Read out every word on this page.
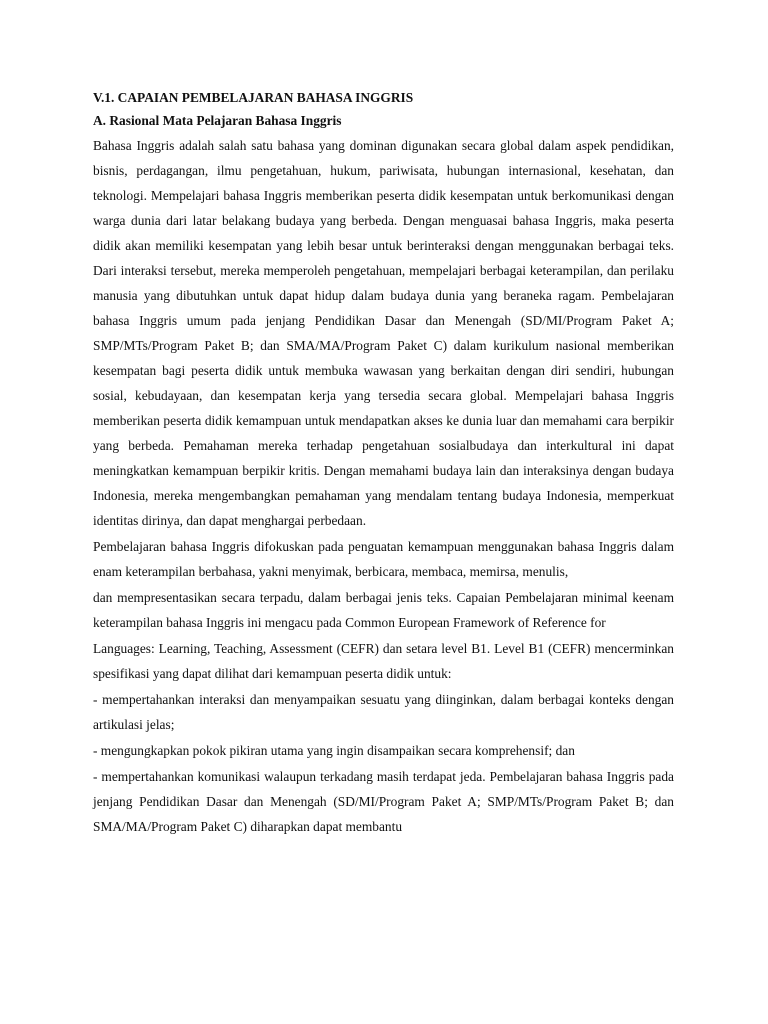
V.1. CAPAIAN PEMBELAJARAN BAHASA INGGRIS

A. Rasional Mata Pelajaran Bahasa Inggris

Bahasa Inggris adalah salah satu bahasa yang dominan digunakan secara global dalam aspek pendidikan, bisnis, perdagangan, ilmu pengetahuan, hukum, pariwisata, hubungan internasional, kesehatan, dan teknologi. Mempelajari bahasa Inggris memberikan peserta didik kesempatan untuk berkomunikasi dengan warga dunia dari latar belakang budaya yang berbeda. Dengan menguasai bahasa Inggris, maka peserta didik akan memiliki kesempatan yang lebih besar untuk berinteraksi dengan menggunakan berbagai teks. Dari interaksi tersebut, mereka memperoleh pengetahuan, mempelajari berbagai keterampilan, dan perilaku manusia yang dibutuhkan untuk dapat hidup dalam budaya dunia yang beraneka ragam. Pembelajaran bahasa Inggris umum pada jenjang Pendidikan Dasar dan Menengah (SD/MI/Program Paket A; SMP/MTs/Program Paket B; dan SMA/MA/Program Paket C) dalam kurikulum nasional memberikan kesempatan bagi peserta didik untuk membuka wawasan yang berkaitan dengan diri sendiri, hubungan sosial, kebudayaan, dan kesempatan kerja yang tersedia secara global. Mempelajari bahasa Inggris memberikan peserta didik kemampuan untuk mendapatkan akses ke dunia luar dan memahami cara berpikir yang berbeda. Pemahaman mereka terhadap pengetahuan sosialbudaya dan interkultural ini dapat meningkatkan kemampuan berpikir kritis. Dengan memahami budaya lain dan interaksinya dengan budaya Indonesia, mereka mengembangkan pemahaman yang mendalam tentang budaya Indonesia, memperkuat identitas dirinya, dan dapat menghargai perbedaan.

Pembelajaran bahasa Inggris difokuskan pada penguatan kemampuan menggunakan bahasa Inggris dalam enam keterampilan berbahasa, yakni menyimak, berbicara, membaca, memirsa, menulis,

dan mempresentasikan secara terpadu, dalam berbagai jenis teks. Capaian Pembelajaran minimal keenam keterampilan bahasa Inggris ini mengacu pada Common European Framework of Reference for

Languages: Learning, Teaching, Assessment (CEFR) dan setara level B1. Level B1 (CEFR) mencerminkan spesifikasi yang dapat dilihat dari kemampuan peserta didik untuk:

- mempertahankan interaksi dan menyampaikan sesuatu yang diinginkan, dalam berbagai konteks dengan artikulasi jelas;

- mengungkapkan pokok pikiran utama yang ingin disampaikan secara komprehensif; dan

- mempertahankan komunikasi walaupun terkadang masih terdapat jeda. Pembelajaran bahasa Inggris pada jenjang Pendidikan Dasar dan Menengah (SD/MI/Program Paket A; SMP/MTs/Program Paket B; dan SMA/MA/Program Paket C) diharapkan dapat membantu
